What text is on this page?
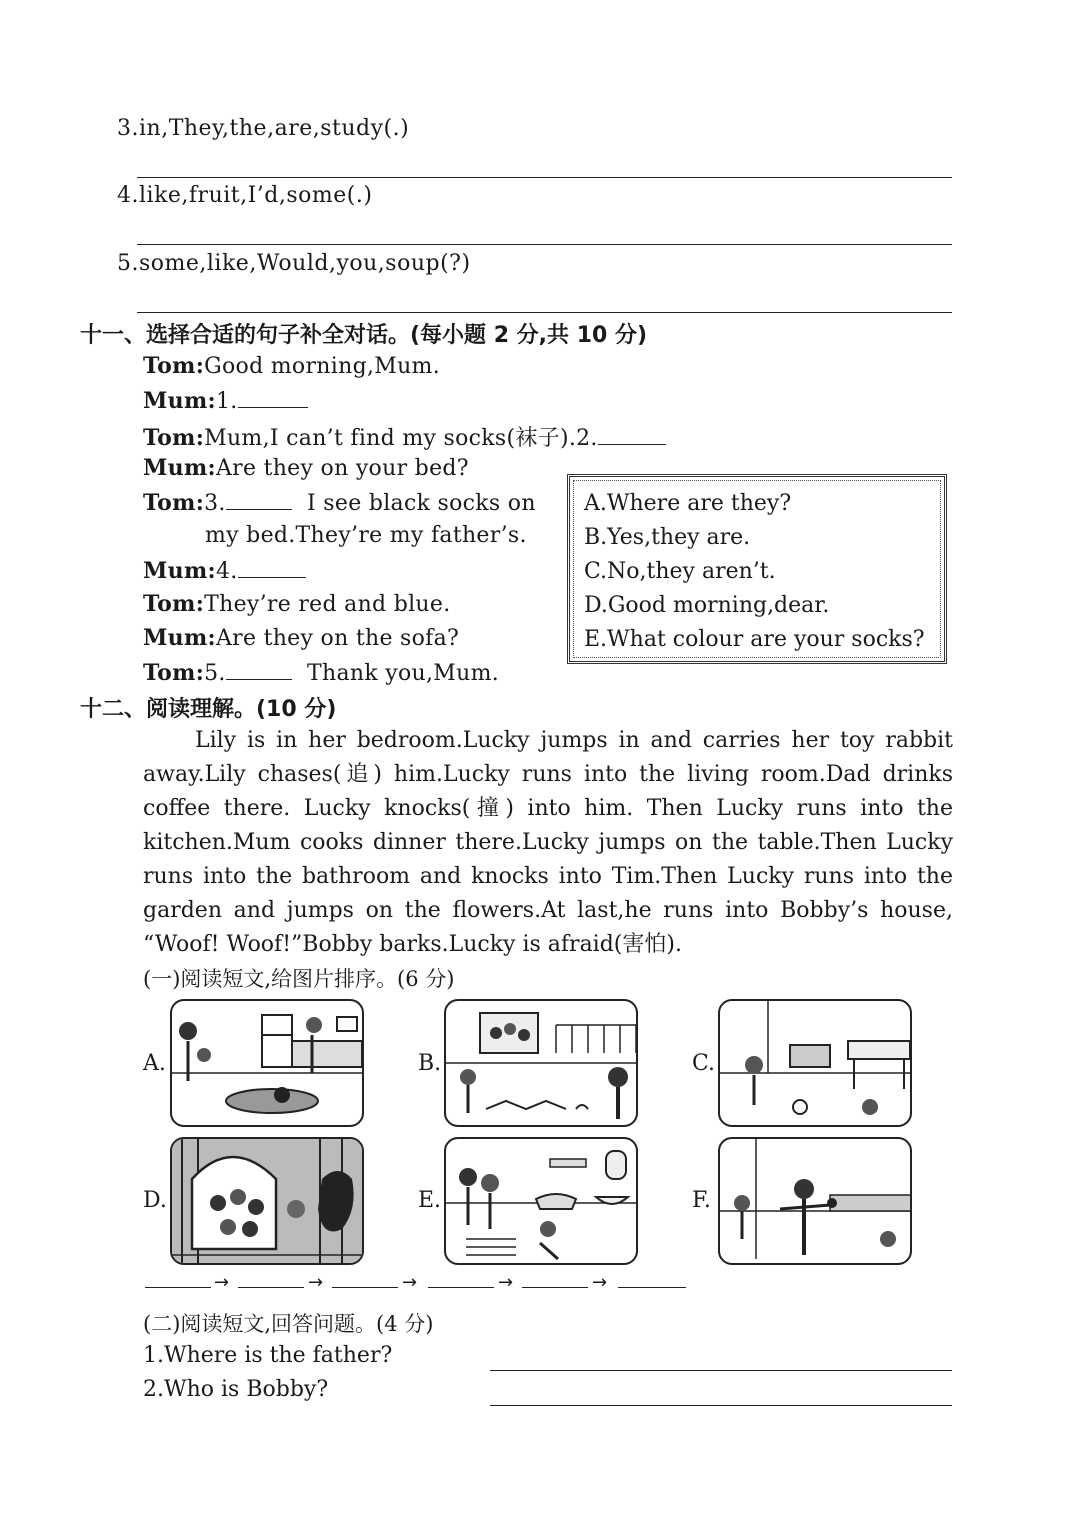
3.in,They,the,are,study(.)
4.like,fruit,I’d,some(.)
5.some,like,Would,you,soup(?)
十一、选择合适的句子补全对话。(每小题 2 分,共 10 分)
Tom:Good morning,Mum.
Mum:1.
Tom:Mum,I can’t find my socks(袜子).2.
Mum:Are they on your bed?
Tom:3.	I see black socks on
my bed.They’re my father’s.
Mum:4.
Tom:They’re red and blue.
Mum:Are they on the sofa?
Tom:5.	Thank you,Mum.
A.Where are they?
B.Yes,they are.
C.No,they aren’t.
D.Good morning,dear.
E.What colour are your socks?
十二、阅读理解。(10 分)
Lily is in her bedroom.Lucky jumps in and carries her toy rabbit
away.Lily chases(追) him.Lucky runs into the living room.Dad drinks
coffee there. Lucky knocks(撞) into him. Then Lucky runs into the
kitchen.Mum cooks dinner there.Lucky jumps on the table.Then Lucky
runs into the bathroom and knocks into Tim.Then Lucky runs into the
garden and jumps on the flowers.At last,he runs into Bobby’s house,
“Woof! Woof!”Bobby barks.Lucky is afraid(害怕).
(一)阅读短文,给图片排序。(6 分)
A.	B.	C.
D.	E.	F.
→	→	→	→	→
(二)阅读短文,回答问题。(4 分)
1.Where is the father?
2.Who is Bobby?
